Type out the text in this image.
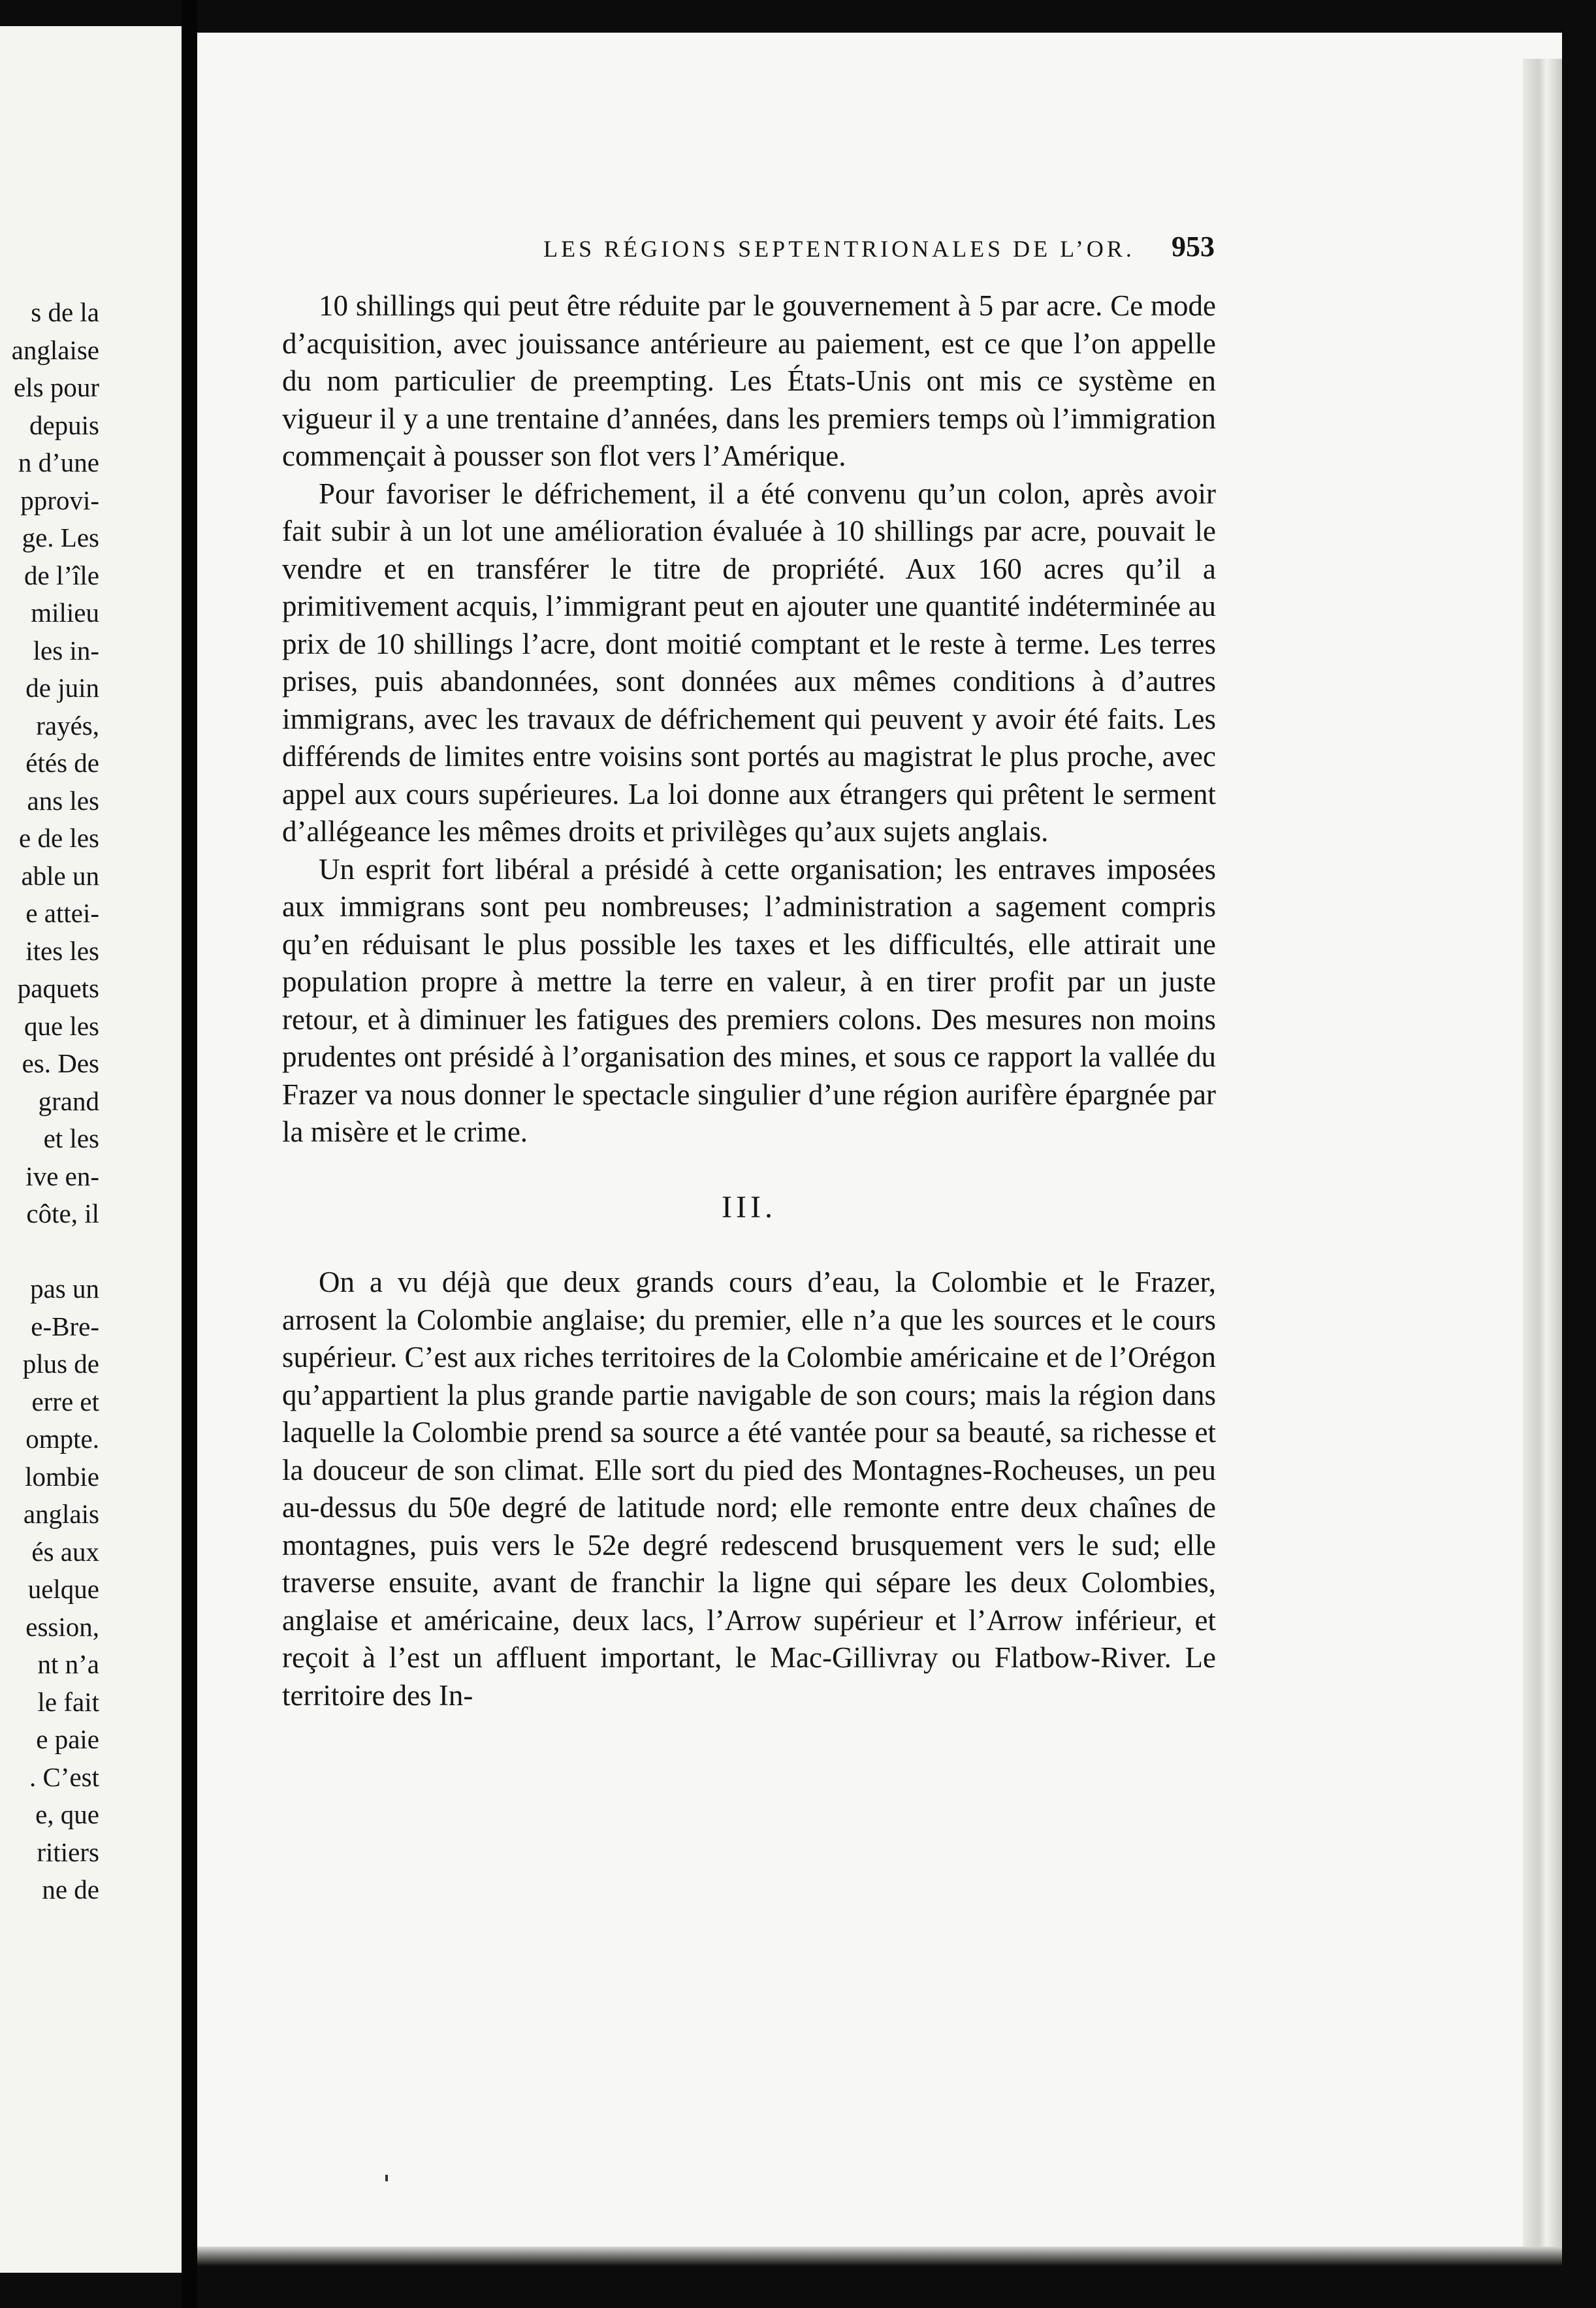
s de la
anglaise
els pour
depuis
n d’une
pprovi-
ge. Les
de l’île
milieu
les in-
de juin
rayés,
étés de
ans les
e de les
able un
e attei-
ites les
paquets
que les
es. Des
grand
et les
ive en-
côte, il
pas un
e-Bre-
plus de
erre et
ompte.
lombie
anglais
és aux
uelque
ession,
nt n’a
le fait
e paie
. C’est
e, que
ritiers
ne de
LES RÉGIONS SEPTENTRIONALES DE L’OR.	953

10 shillings qui peut être réduite par le gouvernement à 5 par acre. Ce mode d’acquisition, avec jouissance antérieure au paiement, est ce que l’on appelle du nom particulier de preempting. Les États-Unis ont mis ce système en vigueur il y a une trentaine d’années, dans les premiers temps où l’immigration commençait à pousser son flot vers l’Amérique.

Pour favoriser le défrichement, il a été convenu qu’un colon, après avoir fait subir à un lot une amélioration évaluée à 10 shillings par acre, pouvait le vendre et en transférer le titre de propriété. Aux 160 acres qu’il a primitivement acquis, l’immigrant peut en ajouter une quantité indéterminée au prix de 10 shillings l’acre, dont moitié comptant et le reste à terme. Les terres prises, puis abandonnées, sont données aux mêmes conditions à d’autres immigrans, avec les travaux de défrichement qui peuvent y avoir été faits. Les différends de limites entre voisins sont portés au magistrat le plus proche, avec appel aux cours supérieures. La loi donne aux étrangers qui prêtent le serment d’allégeance les mêmes droits et privilèges qu’aux sujets anglais.

Un esprit fort libéral a présidé à cette organisation; les entraves imposées aux immigrans sont peu nombreuses; l’administration a sagement compris qu’en réduisant le plus possible les taxes et les difficultés, elle attirait une population propre à mettre la terre en valeur, à en tirer profit par un juste retour, et à diminuer les fatigues des premiers colons. Des mesures non moins prudentes ont présidé à l’organisation des mines, et sous ce rapport la vallée du Frazer va nous donner le spectacle singulier d’une région aurifère épargnée par la misère et le crime.

III.

On a vu déjà que deux grands cours d’eau, la Colombie et le Frazer, arrosent la Colombie anglaise; du premier, elle n’a que les sources et le cours supérieur. C’est aux riches territoires de la Colombie américaine et de l’Orégon qu’appartient la plus grande partie navigable de son cours; mais la région dans laquelle la Colombie prend sa source a été vantée pour sa beauté, sa richesse et la douceur de son climat. Elle sort du pied des Montagnes-Rocheuses, un peu au-dessus du 50e degré de latitude nord; elle remonte entre deux chaînes de montagnes, puis vers le 52e degré redescend brusquement vers le sud; elle traverse ensuite, avant de franchir la ligne qui sépare les deux Colombies, anglaise et américaine, deux lacs, l’Arrow supérieur et l’Arrow inférieur, et reçoit à l’est un affluent important, le Mac-Gillivray ou Flatbow-River. Le territoire des In-
